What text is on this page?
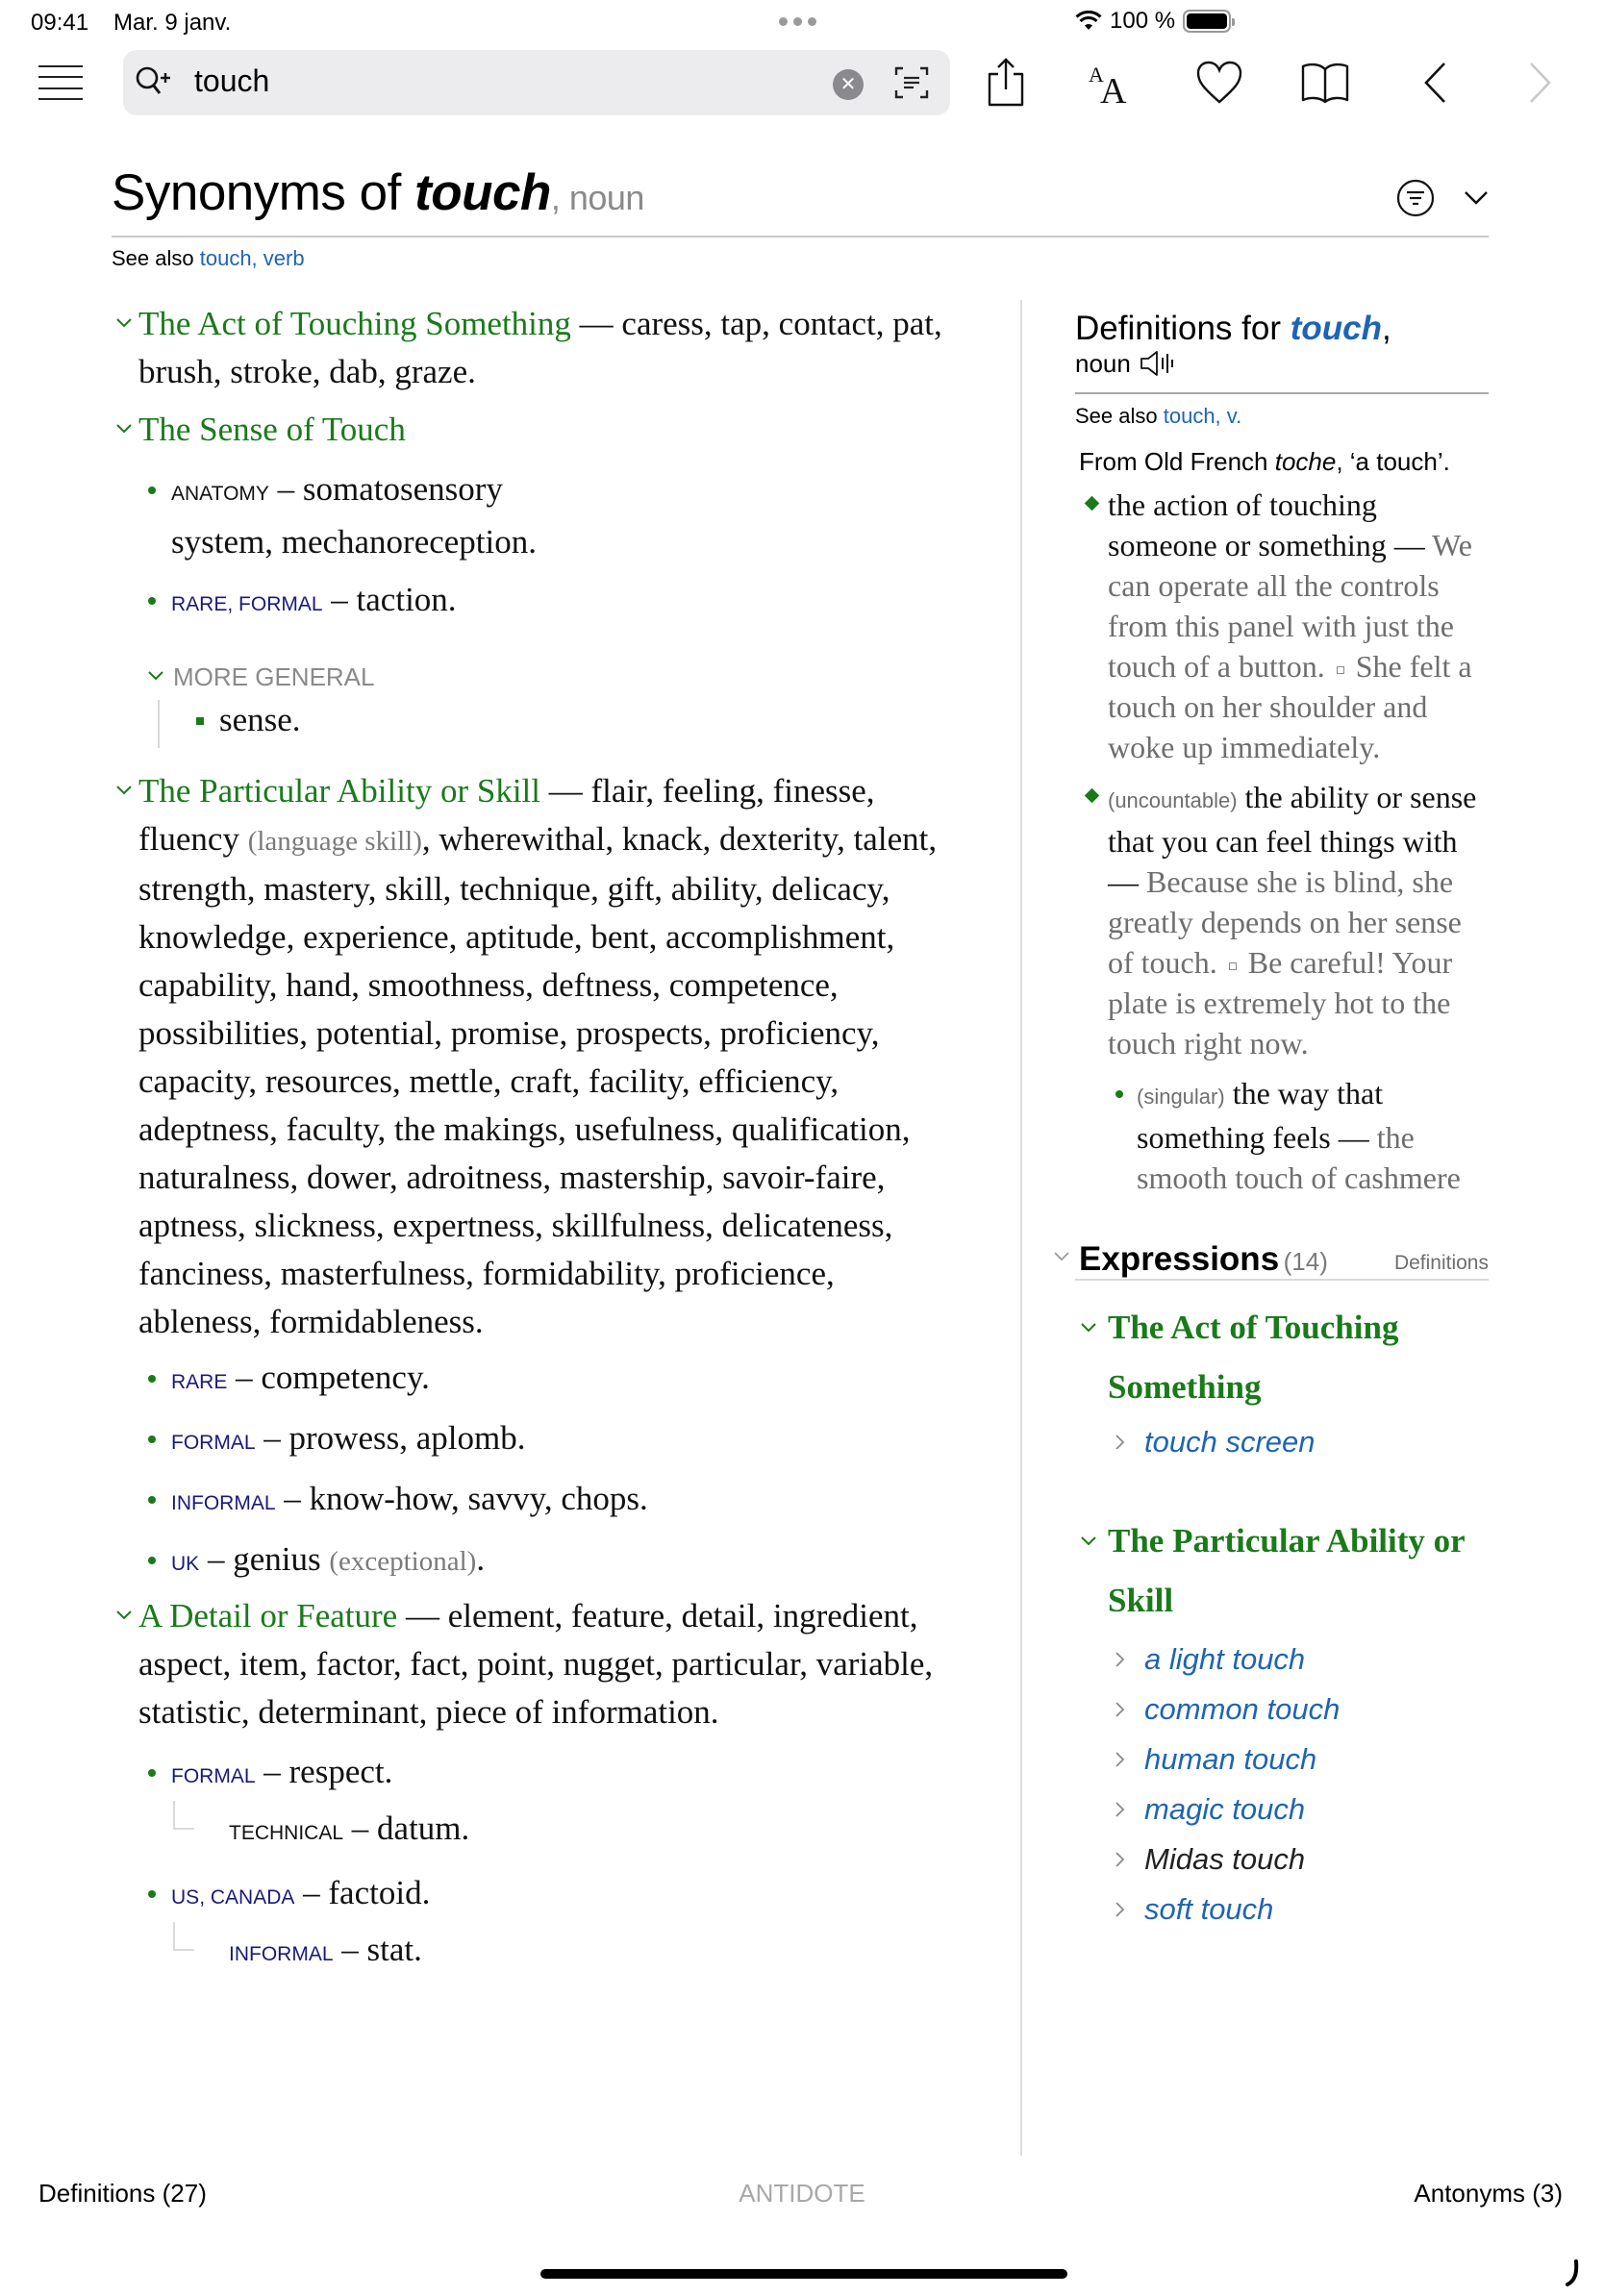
09:41 Mar. 9 janv.	100 %
touch
✕	A
A
Synonyms of touch, noun
See also touch, verb
The Act of Touching Something — caress, tap, contact, pat, brush, stroke, dab, graze.
The Sense of Touch
ANATOMY – somatosensory system, mechanoreception.
RARE, FORMAL – taction.
MORE GENERAL
sense.
The Particular Ability or Skill — flair, feeling, finesse, fluency (language skill), wherewithal, knack, dexterity, talent, strength, mastery, skill, technique, gift, ability, delicacy, knowledge, experience, aptitude, bent, accomplishment, capability, hand, smoothness, deftness, competence, possibilities, potential, promise, prospects, proficiency, capacity, resources, mettle, craft, facility, efficiency, adeptness, faculty, the makings, usefulness, qualification, naturalness, dower, adroitness, mastership, savoir-faire, aptness, slickness, expertness, skillfulness, delicateness, fanciness, masterfulness, formidability, proficience, ableness, formidableness.
RARE – competency.
FORMAL – prowess, aplomb.
INFORMAL – know-how, savvy, chops.
UK – genius (exceptional).
A Detail or Feature — element, feature, detail, ingredient, aspect, item, factor, fact, point, nugget, particular, variable, statistic, determinant, piece of information.
FORMAL – respect.
TECHNICAL – datum.
US, CANADA – factoid.
INFORMAL – stat.
Definitions for touch,
noun
See also touch, v.
From Old French toche, ‘a touch’.
the action of touching someone or something — We can operate all the controls from this panel with just the touch of a button. She felt a touch on her shoulder and woke up immediately.
(uncountable) the ability or sense that you can feel things with — Because she is blind, she greatly depends on her sense of touch. Be careful! Your plate is extremely hot to the touch right now.
(singular) the way that something feels — the smooth touch of cashmere
Expressions (14)	Definitions
The Act of Touching Something
touch screen
The Particular Ability or Skill
a light touch
common touch
human touch
magic touch
Midas touch
soft touch
ANTIDOTE
Definitions (27)	Antonyms (3)
